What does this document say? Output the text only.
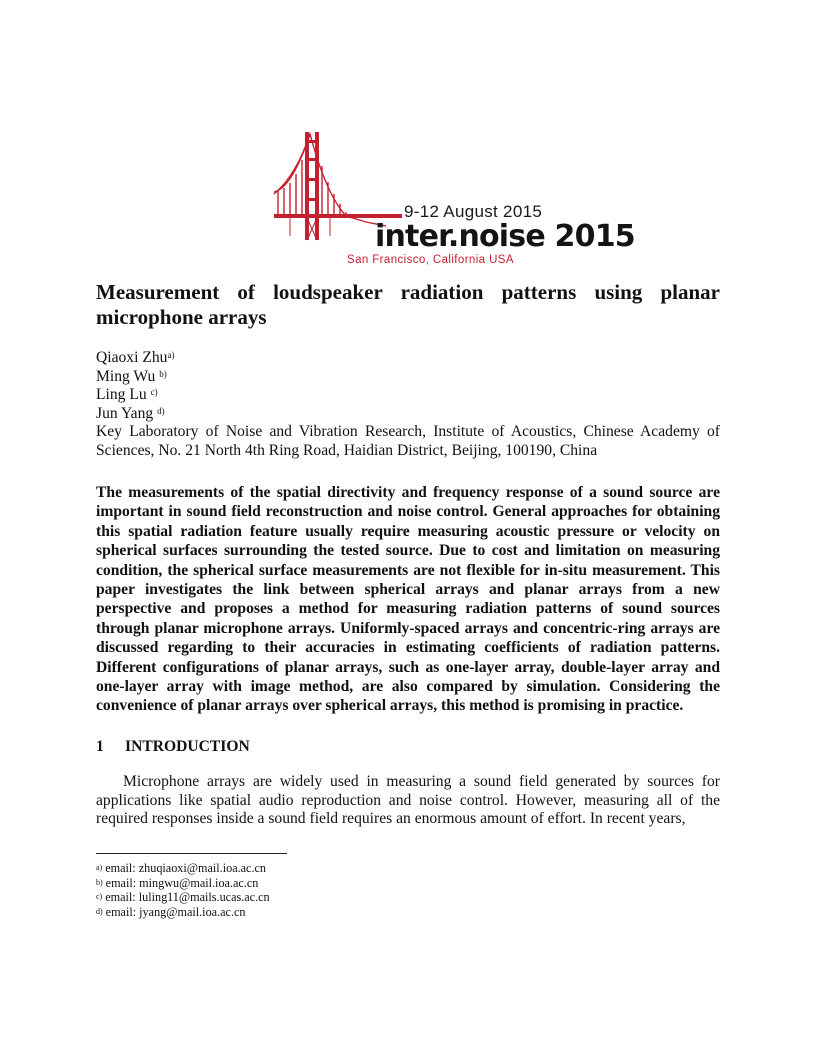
9-12 August 2015
inter.noise 2015
San Francisco, California USA
Measurement of loudspeaker radiation patterns using planar microphone arrays
Qiaoxi Zhu$^{a)}$
Ming Wu $^{b)}$
Ling Lu $^{c)}$
Jun Yang $^{d)}$
Key Laboratory of Noise and Vibration Research, Institute of Acoustics, Chinese Academy of Sciences, No. 21 North 4th Ring Road, Haidian District, Beijing, 100190, China

The measurements of the spatial directivity and frequency response of a sound source are important in sound field reconstruction and noise control. General approaches for obtaining this spatial radiation feature usually require measuring acoustic pressure or velocity on spherical surfaces surrounding the tested source. Due to cost and limitation on measuring condition, the spherical surface measurements are not flexible for in-situ measurement. This paper investigates the link between spherical arrays and planar arrays from a new perspective and proposes a method for measuring radiation patterns of sound sources through planar microphone arrays. Uniformly-spaced arrays and concentric-ring arrays are discussed regarding to their accuracies in estimating coefficients of radiation patterns. Different configurations of planar arrays, such as one-layer array, double-layer array and one-layer array with image method, are also compared by simulation. Considering the convenience of planar arrays over spherical arrays, this method is promising in practice.

1 INTRODUCTION

Microphone arrays are widely used in measuring a sound field generated by sources for applications like spatial audio reproduction and noise control. However, measuring all of the required responses inside a sound field requires an enormous amount of effort. In recent years,

$^{a)}$ email: zhuqiaoxi@mail.ioa.ac.cn
$^{b)}$ email: mingwu@mail.ioa.ac.cn
$^{c)}$ email: luling11@mails.ucas.ac.cn
$^{d)}$ email: jyang@mail.ioa.ac.cn
